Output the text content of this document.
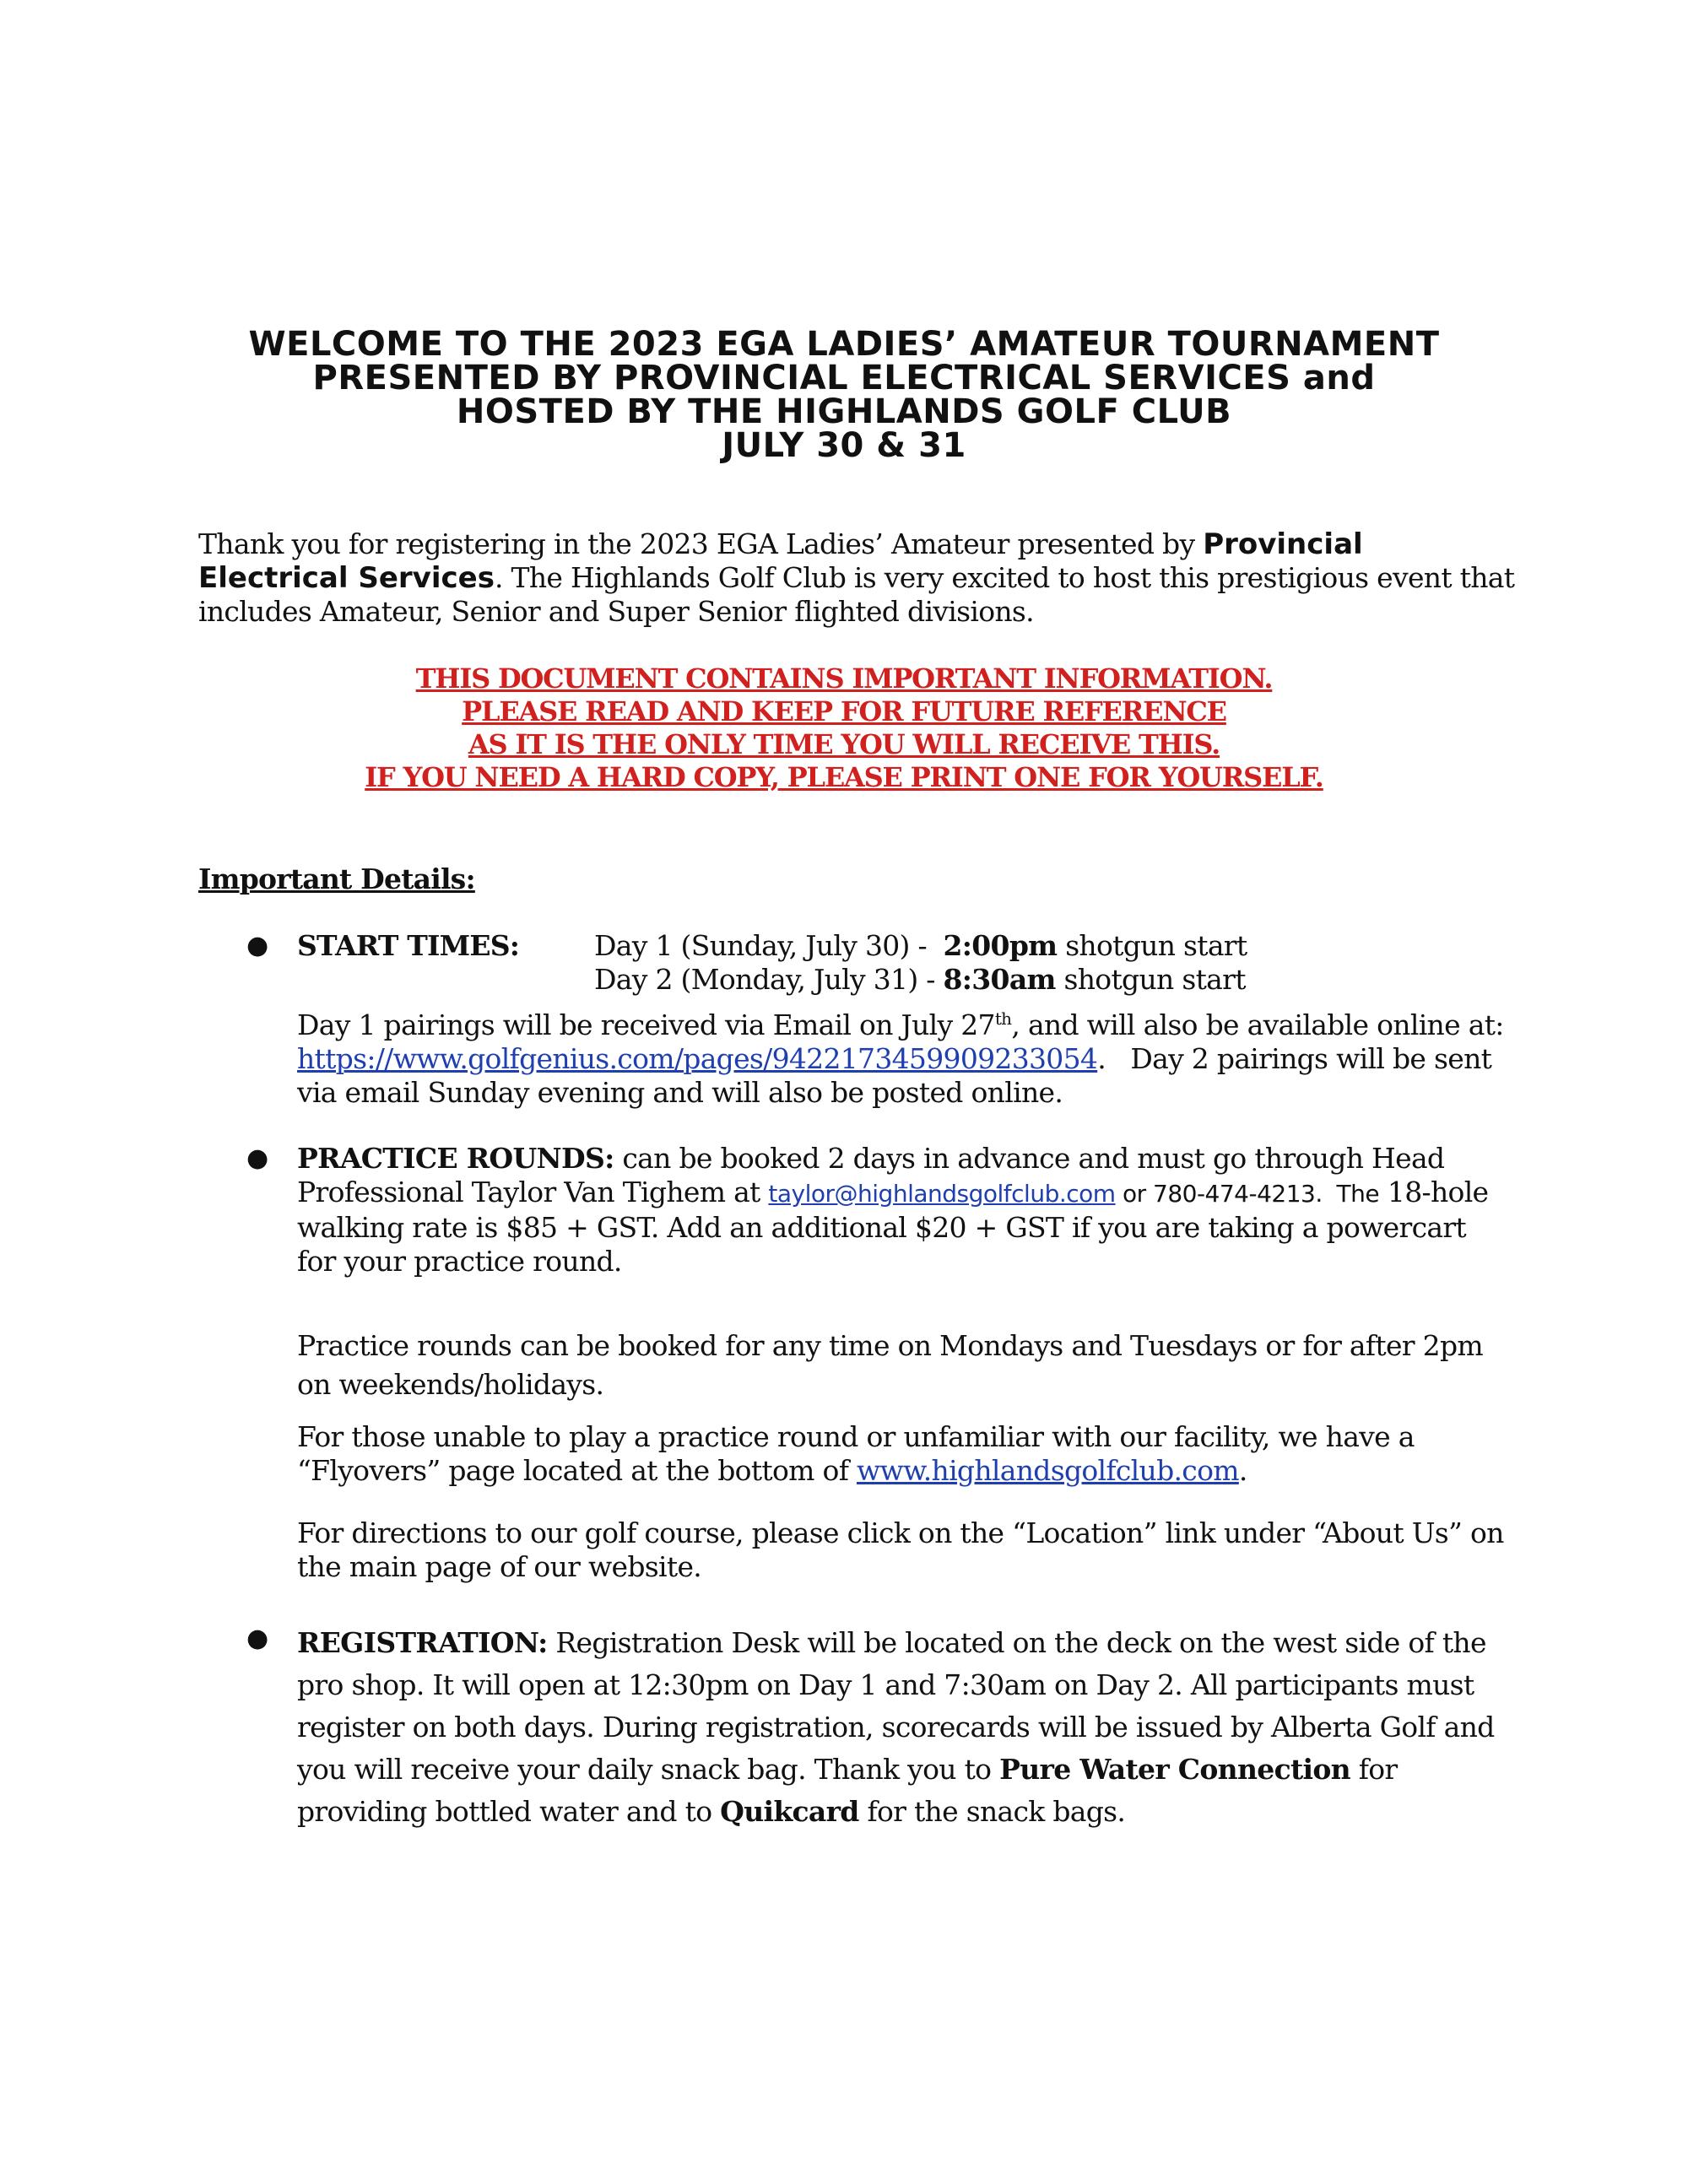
WELCOME TO THE 2023 EGA LADIES’ AMATEUR TOURNAMENT
PRESENTED BY PROVINCIAL ELECTRICAL SERVICES and
HOSTED BY THE HIGHLANDS GOLF CLUB
JULY 30 & 31
Thank you for registering in the 2023 EGA Ladies’ Amateur presented by Provincial Electrical Services. The Highlands Golf Club is very excited to host this prestigious event that includes Amateur, Senior and Super Senior flighted divisions.
THIS DOCUMENT CONTAINS IMPORTANT INFORMATION.
PLEASE READ AND KEEP FOR FUTURE REFERENCE
AS IT IS THE ONLY TIME YOU WILL RECEIVE THIS.
IF YOU NEED A HARD COPY, PLEASE PRINT ONE FOR YOURSELF.
Important Details:
● START TIMES:	Day 1 (Sunday, July 30) -  2:00pm shotgun start
Day 2 (Monday, July 31) - 8:30am shotgun start
Day 1 pairings will be received via Email on July 27th, and will also be available online at: https://www.golfgenius.com/pages/9422173459909233054.   Day 2 pairings will be sent via email Sunday evening and will also be posted online.
● PRACTICE ROUNDS: can be booked 2 days in advance and must go through Head Professional Taylor Van Tighem at taylor@highlandsgolfclub.com or 780-474-4213.  The 18-hole walking rate is $85 + GST. Add an additional $20 + GST if you are taking a powercart for your practice round.
Practice rounds can be booked for any time on Mondays and Tuesdays or for after 2pm on weekends/holidays.
For those unable to play a practice round or unfamiliar with our facility, we have a “Flyovers” page located at the bottom of www.highlandsgolfclub.com.
For directions to our golf course, please click on the “Location” link under “About Us” on the main page of our website.
● REGISTRATION: Registration Desk will be located on the deck on the west side of the pro shop. It will open at 12:30pm on Day 1 and 7:30am on Day 2. All participants must register on both days. During registration, scorecards will be issued by Alberta Golf and you will receive your daily snack bag. Thank you to Pure Water Connection for providing bottled water and to Quikcard for the snack bags.
